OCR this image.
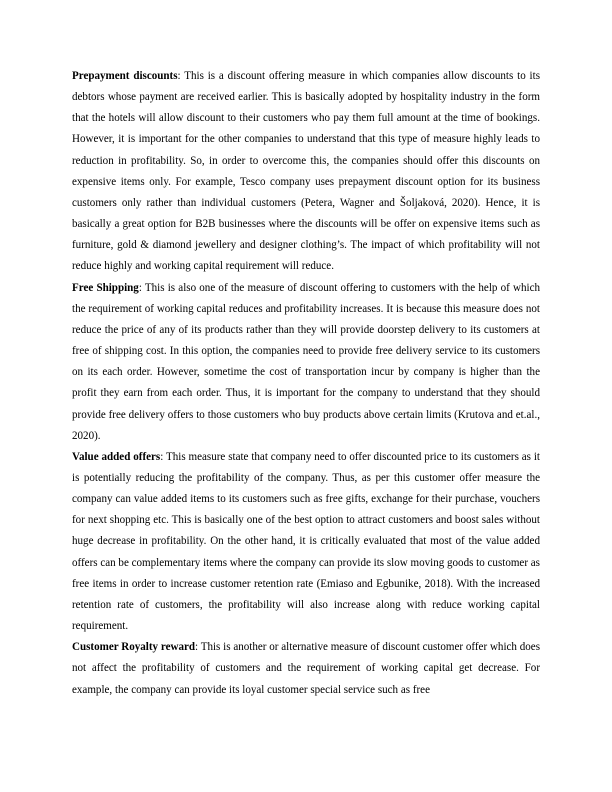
Prepayment discounts: This is a discount offering measure in which companies allow discounts to its debtors whose payment are received earlier. This is basically adopted by hospitality industry in the form that the hotels will allow discount to their customers who pay them full amount at the time of bookings. However, it is important for the other companies to understand that this type of measure highly leads to reduction in profitability. So, in order to overcome this, the companies should offer this discounts on expensive items only. For example, Tesco company uses prepayment discount option for its business customers only rather than individual customers (Petera, Wagner and Šoljaková, 2020). Hence, it is basically a great option for B2B businesses where the discounts will be offer on expensive items such as furniture, gold & diamond jewellery and designer clothing’s. The impact of which profitability will not reduce highly and working capital requirement will reduce.

Free Shipping: This is also one of the measure of discount offering to customers with the help of which the requirement of working capital reduces and profitability increases. It is because this measure does not reduce the price of any of its products rather than they will provide doorstep delivery to its customers at free of shipping cost. In this option, the companies need to provide free delivery service to its customers on its each order. However, sometime the cost of transportation incur by company is higher than the profit they earn from each order. Thus, it is important for the company to understand that they should provide free delivery offers to those customers who buy products above certain limits (Krutova and et.al., 2020).

Value added offers: This measure state that company need to offer discounted price to its customers as it is potentially reducing the profitability of the company. Thus, as per this customer offer measure the company can value added items to its customers such as free gifts, exchange for their purchase, vouchers for next shopping etc. This is basically one of the best option to attract customers and boost sales without huge decrease in profitability. On the other hand, it is critically evaluated that most of the value added offers can be complementary items where the company can provide its slow moving goods to customer as free items in order to increase customer retention rate (Emiaso and Egbunike, 2018). With the increased retention rate of customers, the profitability will also increase along with reduce working capital requirement.

Customer Royalty reward: This is another or alternative measure of discount customer offer which does not affect the profitability of customers and the requirement of working capital get decrease. For example, the company can provide its loyal customer special service such as free
